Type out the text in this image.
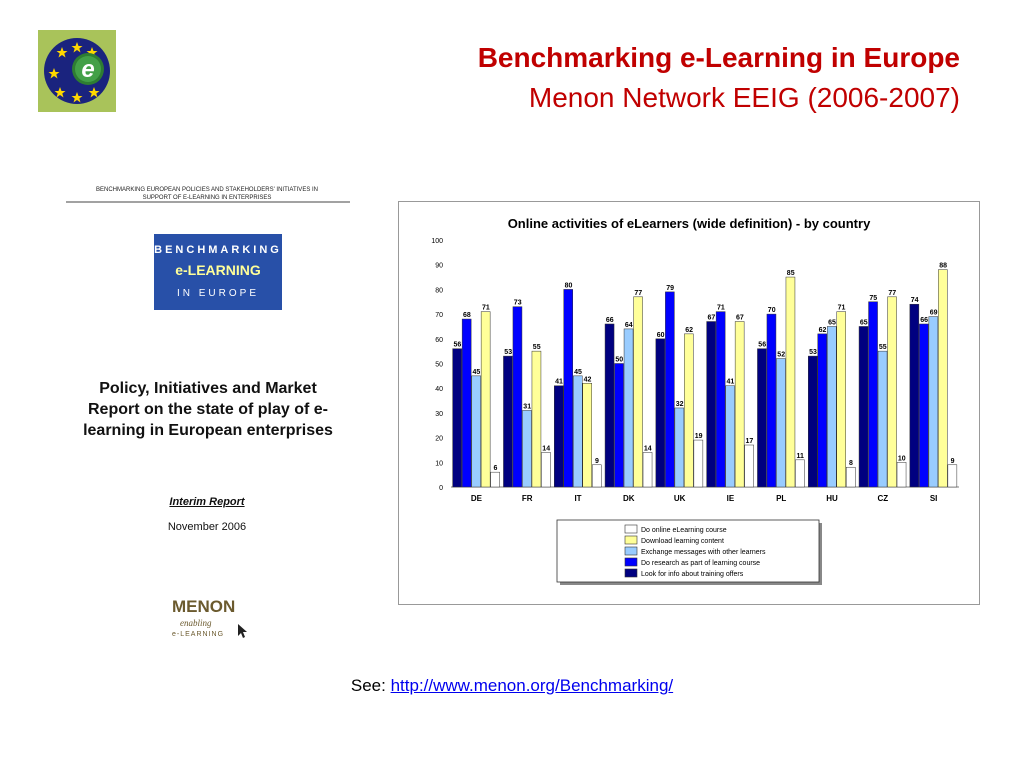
e	Benchmarking e-Learning in Europe
Menon Network EEIG (2006-2007)
BENCHMARKING EUROPEAN POLICIES AND STAKEHOLDERS' INITIATIVES IN
SUPPORT OF E-LEARNING IN ENTERPRISES
BENCHMARKING
e-LEARNING
IN EUROPE
Policy, Initiatives and Market Report on the state of play of e-learning in European enterprises
Interim Report
November 2006
MENON
enabling
e-LEARNING
Online activities of eLearners (wide definition) - by country
0
10
20
30
40
50
60
70
80
90
100
56
68
45
71
6
DE
53
73
31
55
14
FR
41
80
45
42
9
IT
66
50
64
77
14
DK
60
79
32
62
19
UK
67
71
41
67
17
IE
56
70
52
85
11
PL
53
62
65
71
8
HU
65
75
55
77
10
CZ
74
66
69
88
9
SI
Do online eLearning course
Download learning content
Exchange messages with other learners
Do research as part of learning course
Look for info about training offers
See: http://www.menon.org/Benchmarking/
